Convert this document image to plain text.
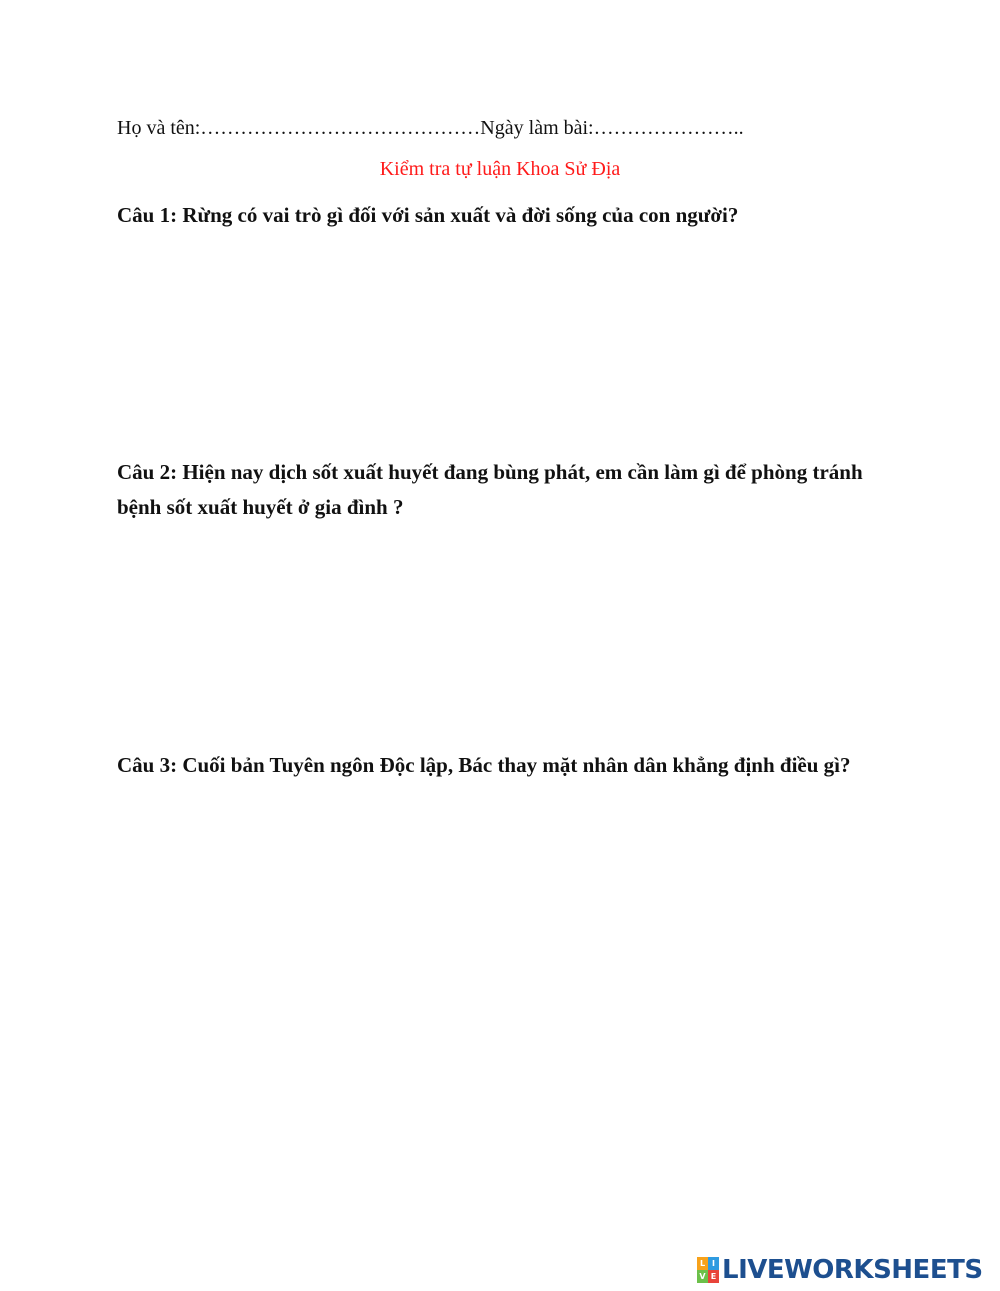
Họ và tên:……………………………………Ngày làm bài:…………………..
Kiểm tra tự luận Khoa Sử Địa
Câu 1: Rừng có vai trò gì đối với sản xuất và đời sống của con người?
Câu 2: Hiện nay dịch sốt xuất huyết đang bùng phát, em cần làm gì để phòng tránh bệnh sốt xuất huyết ở gia đình ?
Câu 3: Cuối bản Tuyên ngôn Độc lập, Bác thay mặt nhân dân khẳng định điều gì?
L I
V E LIVEWORKSHEETS
